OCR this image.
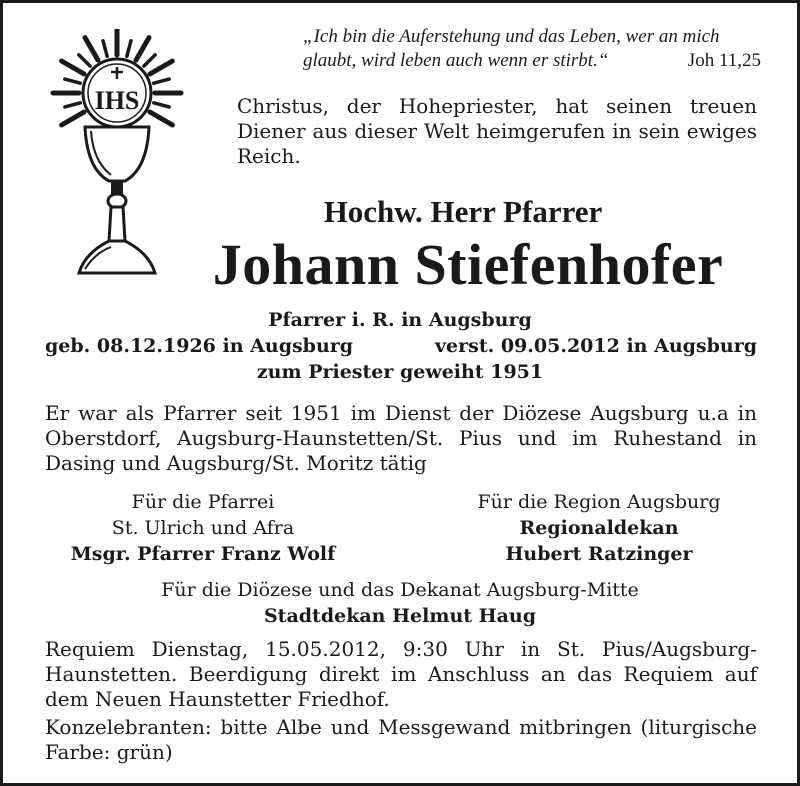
IHS
„Ich bin die Auferstehung und das Leben, wer an mich
glaubt, wird leben auch wenn er stirbt.“	Joh 11,25
Christus, der Hohepriester, hat seinen treuen Diener aus dieser Welt heimgerufen in sein ewiges Reich.
Hochw. Herr Pfarrer
Johann Stiefenhofer
Pfarrer i. R. in Augsburg
geb. 08.12.1926 in Augsburg	verst. 09.05.2012 in Augsburg
zum Priester geweiht 1951
Er war als Pfarrer seit 1951 im Dienst der Diözese Augsburg u.a in Oberstdorf, Augsburg-Haunstetten/St. Pius und im Ruhestand in Dasing und Augsburg/St. Moritz tätig
Für die Pfarrei
St. Ulrich und Afra
Msgr. Pfarrer Franz Wolf
Für die Region Augsburg
Regionaldekan
Hubert Ratzinger
Für die Diözese und das Dekanat Augsburg-Mitte
Stadtdekan Helmut Haug
Requiem Dienstag, 15.05.2012, 9:30 Uhr in St. Pius/Augsburg-Haunstetten. Beerdigung direkt im Anschluss an das Requiem auf dem Neuen Haunstetter Friedhof.
Konzelebranten: bitte Albe und Messgewand mitbringen (liturgische Farbe: grün)
